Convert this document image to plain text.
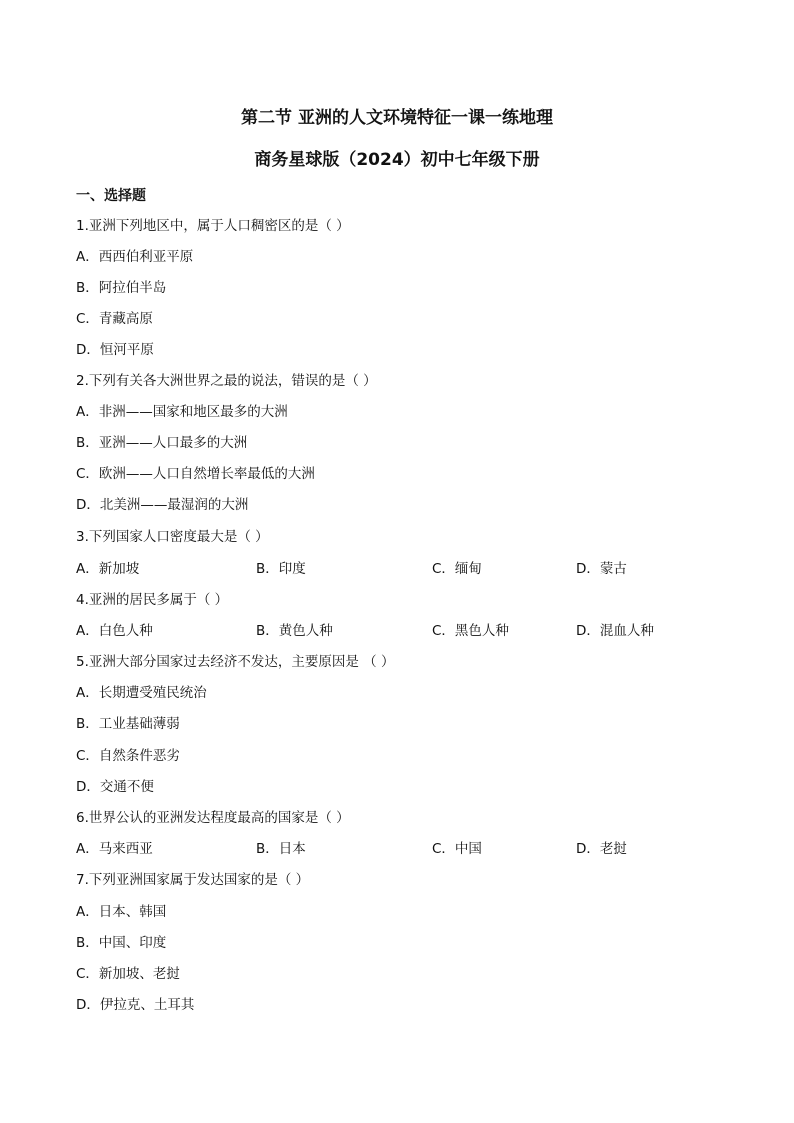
第二节 亚洲的人文环境特征一课一练地理
商务星球版（2024）初中七年级下册
一、选择题

1.亚洲下列地区中，属于人口稠密区的是（ ）

A．西西伯利亚平原

B．阿拉伯半岛

C．青藏高原

D．恒河平原

2.下列有关各大洲世界之最的说法，错误的是（ ）

A．非洲——国家和地区最多的大洲

B．亚洲——人口最多的大洲

C．欧洲——人口自然增长率最低的大洲

D．北美洲——最湿润的大洲

3.下列国家人口密度最大是（ ）

A．新加坡	B．印度	C．缅甸	D．蒙古

4.亚洲的居民多属于（ ）

A．白色人种	B．黄色人种	C．黑色人种	D．混血人种

5.亚洲大部分国家过去经济不发达，主要原因是 （ ）

A．长期遭受殖民统治

B．工业基础薄弱

C．自然条件恶劣

D．交通不便

6.世界公认的亚洲发达程度最高的国家是（ ）

A．马来西亚	B．日本	C．中国	D．老挝

7.下列亚洲国家属于发达国家的是（ ）

A．日本、韩国

B．中国、印度

C．新加坡、老挝

D．伊拉克、土耳其
